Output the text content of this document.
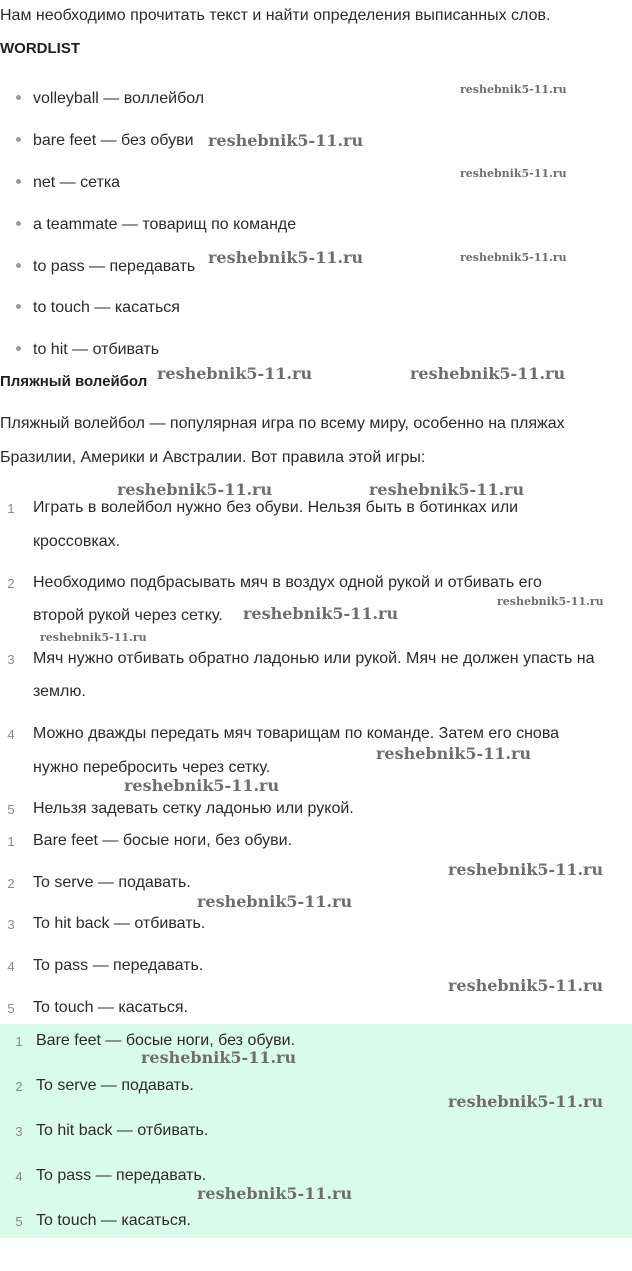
Нам необходимо прочитать текст и найти определения выписанных слов.
WORDLIST
volleyball — воллейбол
bare feet — без обуви
net — сетка
a teammate — товарищ по команде
to pass — передавать
to touch — касаться
to hit — отбивать
Пляжный волейбол
Пляжный волейбол — популярная игра по всему миру, особенно на пляжах
Бразилии, Америки и Австралии. Вот правила этой игры:
1	Играть в волейбол нужно без обуви. Нельзя быть в ботинках или
кроссовках.
2	Необходимо подбрасывать мяч в воздух одной рукой и отбивать его
второй рукой через сетку.
3	Мяч нужно отбивать обратно ладонью или рукой. Мяч не должен упасть на
землю.
4	Можно дважды передать мяч товарищам по команде. Затем его снова
нужно перебросить через сетку.
5	Нельзя задевать сетку ладонью или рукой.
1	Bare feet — босые ноги, без обуви.
2	To serve — подавать.
3	To hit back — отбивать.
4	To pass — передавать.
5	To touch — касаться.
1 Bare feet — босые ноги, без обуви.
2 To serve — подавать.
3 To hit back — отбивать.
4 To pass — передавать.
5 To touch — касаться.
reshebnik5-11.ru
reshebnik5-11.ru
reshebnik5-11.ru
reshebnik5-11.ru	reshebnik5-11.ru
reshebnik5-11.ru	reshebnik5-11.ru
reshebnik5-11.ru	reshebnik5-11.ru
reshebnik5-11.ru
reshebnik5-11.ru
reshebnik5-11.ru
reshebnik5-11.ru
reshebnik5-11.ru
reshebnik5-11.ru
reshebnik5-11.ru
reshebnik5-11.ru
reshebnik5-11.ru
reshebnik5-11.ru
reshebnik5-11.ru
